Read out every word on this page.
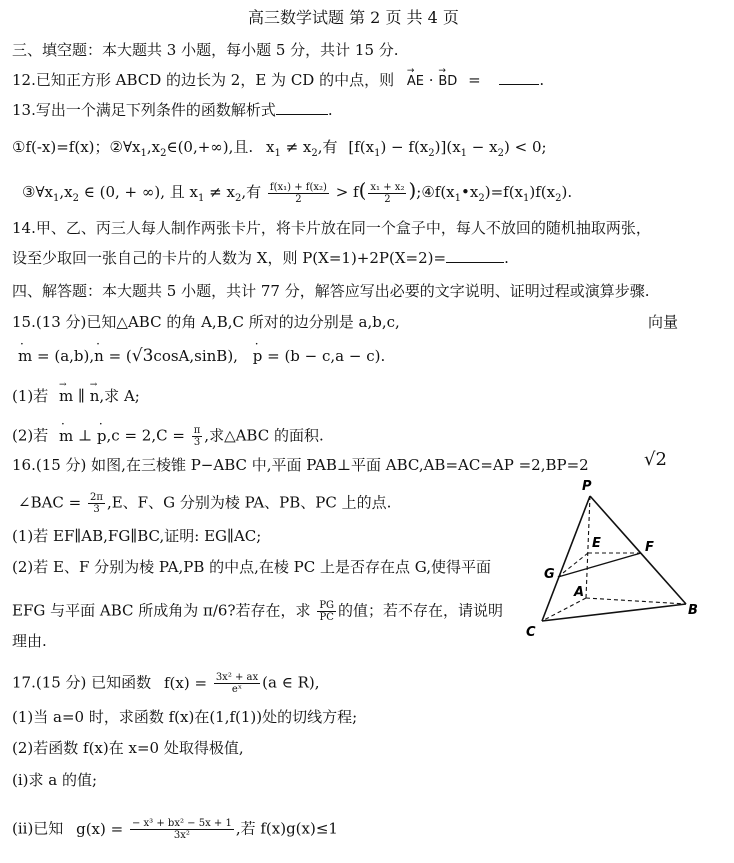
高三数学试题 第 2 页 共 4 页
三、填空题：本大题共 3 小题，每小题 5 分，共计 15 分.
12.已知正方形 ABCD 的边长为 2，E 为 CD 的中点，则 → AE · → BD =	.
13.写出一个满足下列条件的函数解析式	.
①f(-x)=f(x)；$②\forall x_1,x_2\in(0,+\infty)$,且. $x_1 \ne x_2$,有 $[f(x_1) - f(x_2)](x_1 - x_2) < 0$;
$③\forall x_1,x_2$ ∈ (0, + ∞), 且 $x_1 \ne x_2$,有 $\frac{\text{f(x₁) + f(x₂)}}{2} > f( \frac{\text{x₁ + x₂}}{2}$ )$;④f(x_1•x_2)=f(x_1)f(x_2)$.
14.甲、乙、丙三人每人制作两张卡片，将卡片放在同一个盒子中，每人不放回的随机抽取两张，
设至少取回一张自己的卡片的人数为 X，则 P(X=1)+2P(X=2)=	.
四、解答题：本大题共 5 小题，共计 77 分，解答应写出必要的文字说明、证明过程或演算步骤.
15.(13 分)已知△ABC 的角 A,B,C 所对的边分别是 a,b,c,	向量
· m = (a,b),· n = (√3cosA,sinB), · p = (b − c,a − c).
(1)若 → m ∥ → n,求 A;
(2)若 · m ⊥ · $p,c = 2,C = \frac{\pi}{3}$ ,求△ABC 的面积.
16.(15 分) 如图,在三棱锥 P−ABC 中,平面 PAB⊥平面 ABC,AB=AC=AP =2,BP=2	√2
∠BAC = $\frac{2\pi}{3} ,E$、F、G 分别为棱 PA、PB、PC 上的点.
(1)若 EF∥AB,FG∥BC,证明: EG∥AC;
(2)若 E、F 分别为棱 PA,PB 的中点,在棱 PC 上是否存在点 G,使得平面
EFG 与平面 ABC 所成角为 π/6?若存在，求 $\frac{PG}{PC}$ 的值；若不存在，请说明
理由.
P
E	F
G
A
B
C
17.(15 分) 已知函数 $f(x) = \frac{\text{3x² + ax}}{\text{eˣ}} (a$ ∈ R),
(1)当 a=0 时，求函数 f(x)在(1,f(1))处的切线方程;
(2)若函数 f(x)在 x=0 处取得极值,
(i)求 a 的值;
(ii)已知 $g(x) = \frac{\text{− x³ + bx² − 5x + 1}}{\text{3x²}}$ ,若 f(x)g(x)≤1
